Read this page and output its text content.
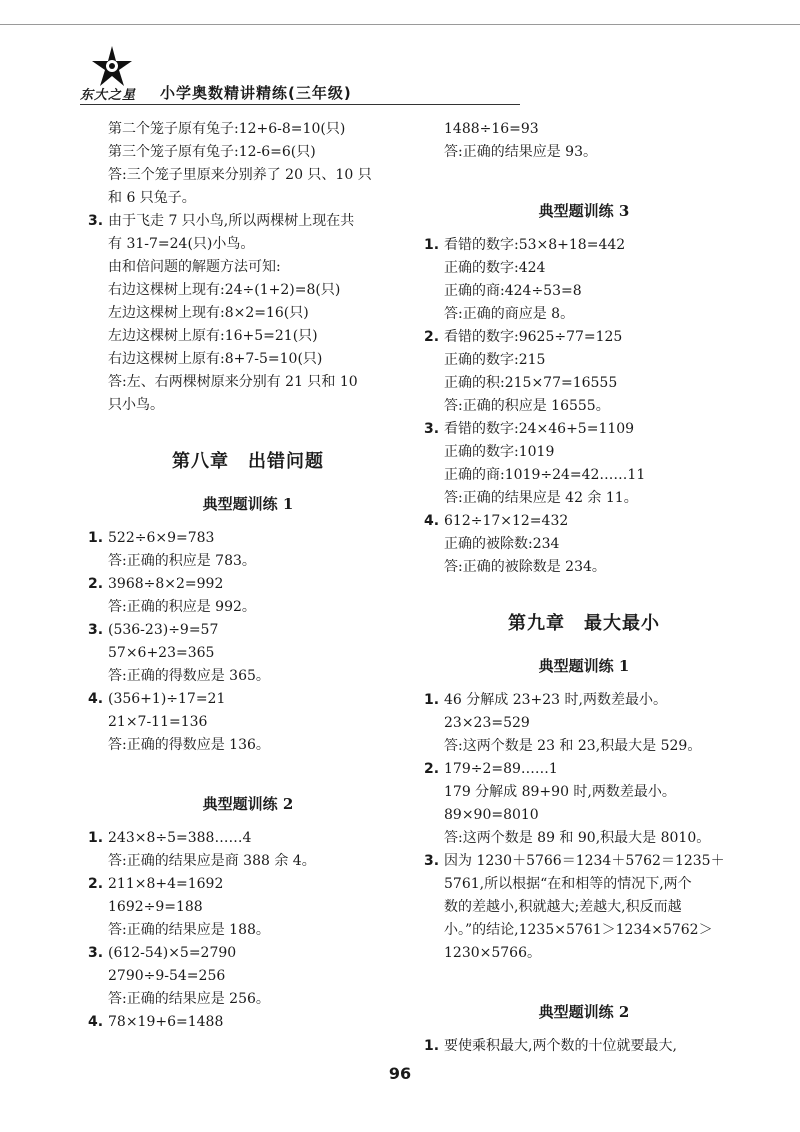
东大之星 小学奥数精讲精练(三年级)
第二个笼子原有兔子:12+6-8=10(只)
第三个笼子原有兔子:12-6=6(只)
答:三个笼子里原来分别养了 20 只、10 只
和 6 只兔子。
3. 由于飞走 7 只小鸟,所以两棵树上现在共
有 31-7=24(只)小鸟。
由和倍问题的解题方法可知:
右边这棵树上现有:24÷(1+2)=8(只)
左边这棵树上现有:8×2=16(只)
左边这棵树上原有:16+5=21(只)
右边这棵树上原有:8+7-5=10(只)
答:左、右两棵树原来分别有 21 只和 10
只小鸟。
第八章　出错问题
典型题训练 1
1. 522÷6×9=783
答:正确的积应是 783。
2. 3968÷8×2=992
答:正确的积应是 992。
3. (536-23)÷9=57
57×6+23=365
答:正确的得数应是 365。
4. (356+1)÷17=21
21×7-11=136
答:正确的得数应是 136。
典型题训练 2
1. 243×8÷5=388……4
答:正确的结果应是商 388 余 4。
2. 211×8+4=1692
1692÷9=188
答:正确的结果应是 188。
3. (612-54)×5=2790
2790÷9-54=256
答:正确的结果应是 256。
4. 78×19+6=1488
1488÷16=93
答:正确的结果应是 93。
典型题训练 3
1. 看错的数字:53×8+18=442
正确的数字:424
正确的商:424÷53=8
答:正确的商应是 8。
2. 看错的数字:9625÷77=125
正确的数字:215
正确的积:215×77=16555
答:正确的积应是 16555。
3. 看错的数字:24×46+5=1109
正确的数字:1019
正确的商:1019÷24=42……11
答:正确的结果应是 42 余 11。
4. 612÷17×12=432
正确的被除数:234
答:正确的被除数是 234。
第九章　最大最小
典型题训练 1
1. 46 分解成 23+23 时,两数差最小。
23×23=529
答:这两个数是 23 和 23,积最大是 529。
2. 179÷2=89……1
179 分解成 89+90 时,两数差最小。
89×90=8010
答:这两个数是 89 和 90,积最大是 8010。
3. 因为 1230＋5766＝1234＋5762＝1235＋
5761,所以根据“在和相等的情况下,两个
数的差越小,积就越大;差越大,积反而越
小。”的结论,1235×5761＞1234×5762＞
1230×5766。
典型题训练 2
1. 要使乘积最大,两个数的十位就要最大,
96
